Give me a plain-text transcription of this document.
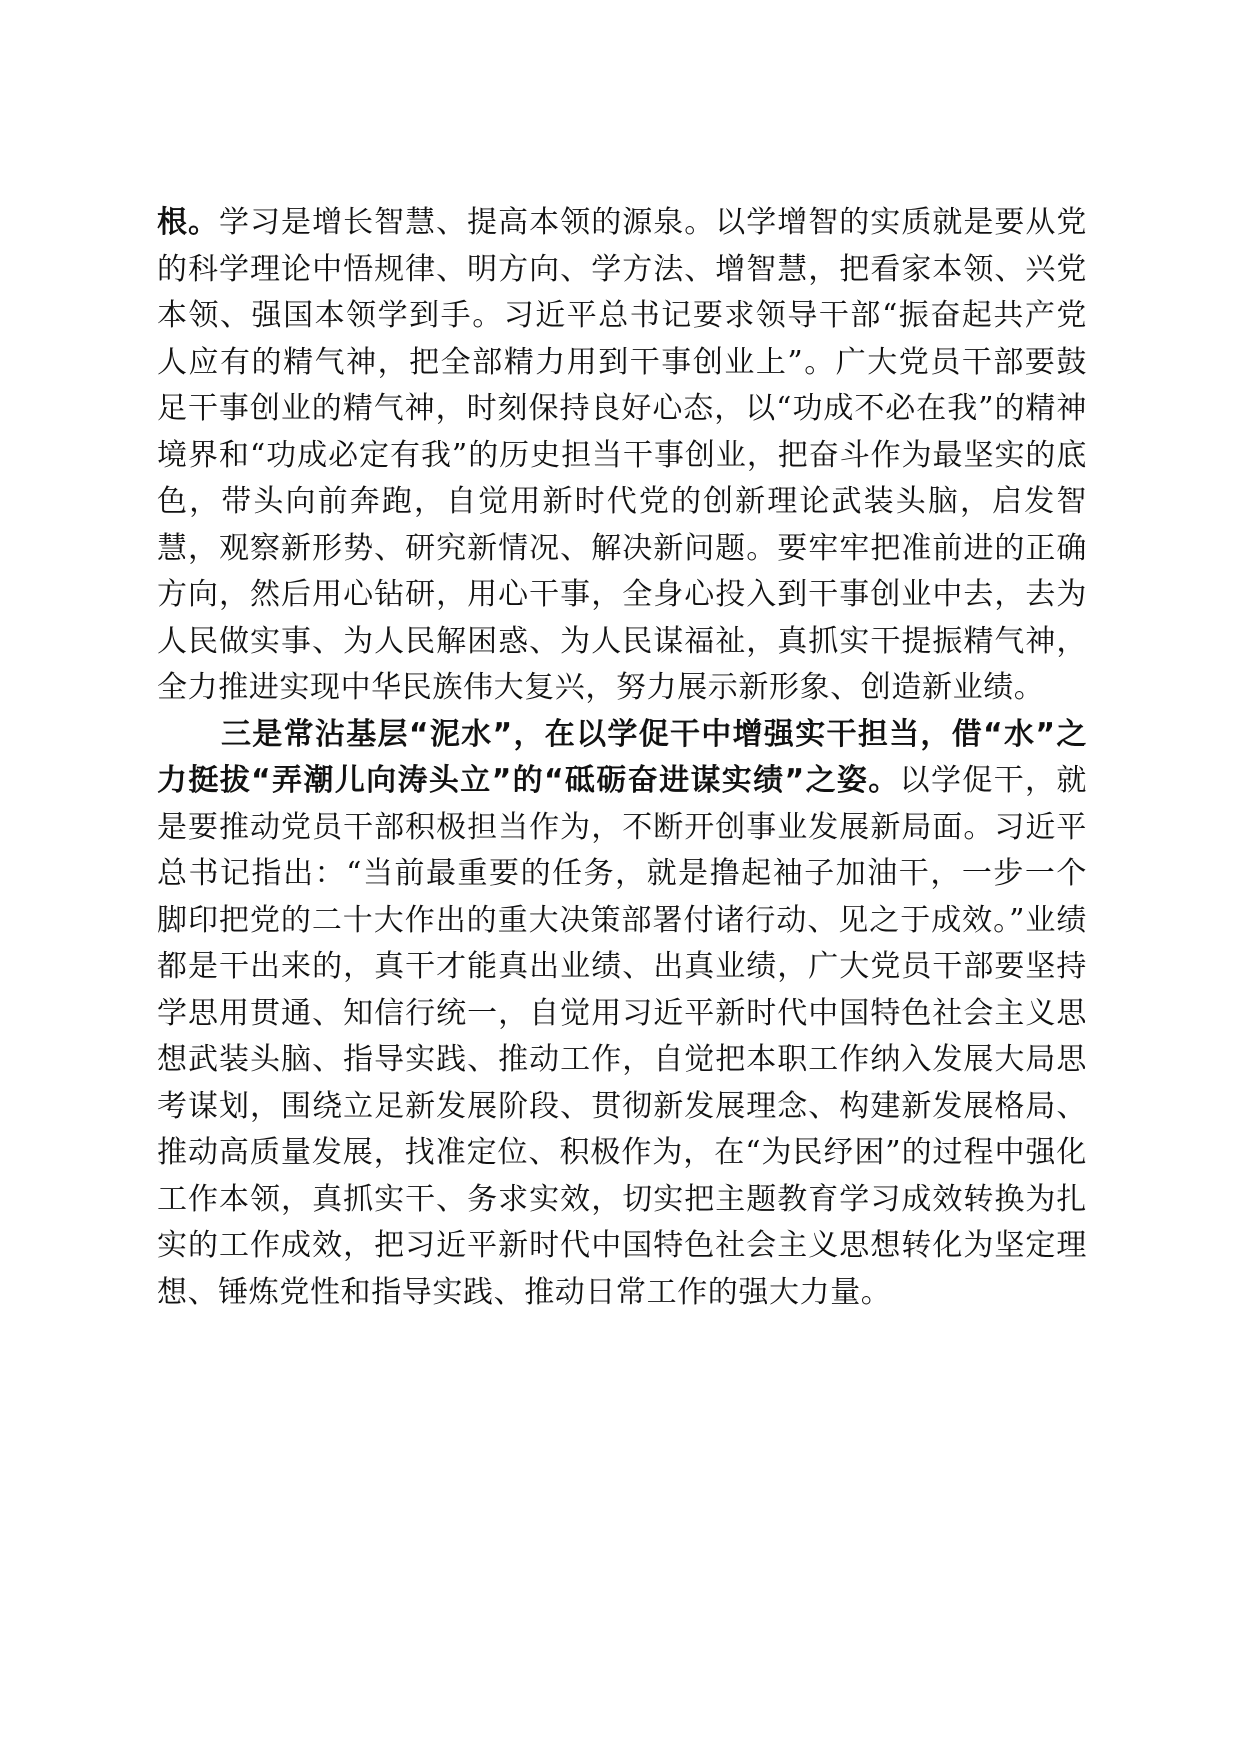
根。学习是增长智慧、提高本领的源泉。以学增智的实质就是要从党的科学理论中悟规律、明方向、学方法、增智慧，把看家本领、兴党本领、强国本领学到手。习近平总书记要求领导干部“振奋起共产党人应有的精气神，把全部精力用到干事创业上”。广大党员干部要鼓足干事创业的精气神，时刻保持良好心态，以“功成不必在我”的精神境界和“功成必定有我”的历史担当干事创业，把奋斗作为最坚实的底色，带头向前奔跑，自觉用新时代党的创新理论武装头脑，启发智慧，观察新形势、研究新情况、解决新问题。要牢牢把准前进的正确方向，然后用心钻研，用心干事，全身心投入到干事创业中去，去为人民做实事、为人民解困惑、为人民谋福祉，真抓实干提振精气神，全力推进实现中华民族伟大复兴，努力展示新形象、创造新业绩。

三是常沾基层“泥水”，在以学促干中增强实干担当，借“水”之力挺拔“弄潮儿向涛头立”的“砥砺奋进谋实绩”之姿。以学促干，就是要推动党员干部积极担当作为，不断开创事业发展新局面。习近平总书记指出：“当前最重要的任务，就是撸起袖子加油干，一步一个脚印把党的二十大作出的重大决策部署付诸行动、见之于成效。”业绩都是干出来的，真干才能真出业绩、出真业绩，广大党员干部要坚持学思用贯通、知信行统一，自觉用习近平新时代中国特色社会主义思想武装头脑、指导实践、推动工作，自觉把本职工作纳入发展大局思考谋划，围绕立足新发展阶段、贯彻新发展理念、构建新发展格局、推动高质量发展，找准定位、积极作为，在“为民纾困”的过程中强化工作本领，真抓实干、务求实效，切实把主题教育学习成效转换为扎实的工作成效，把习近平新时代中国特色社会主义思想转化为坚定理想、锤炼党性和指导实践、推动日常工作的强大力量。
